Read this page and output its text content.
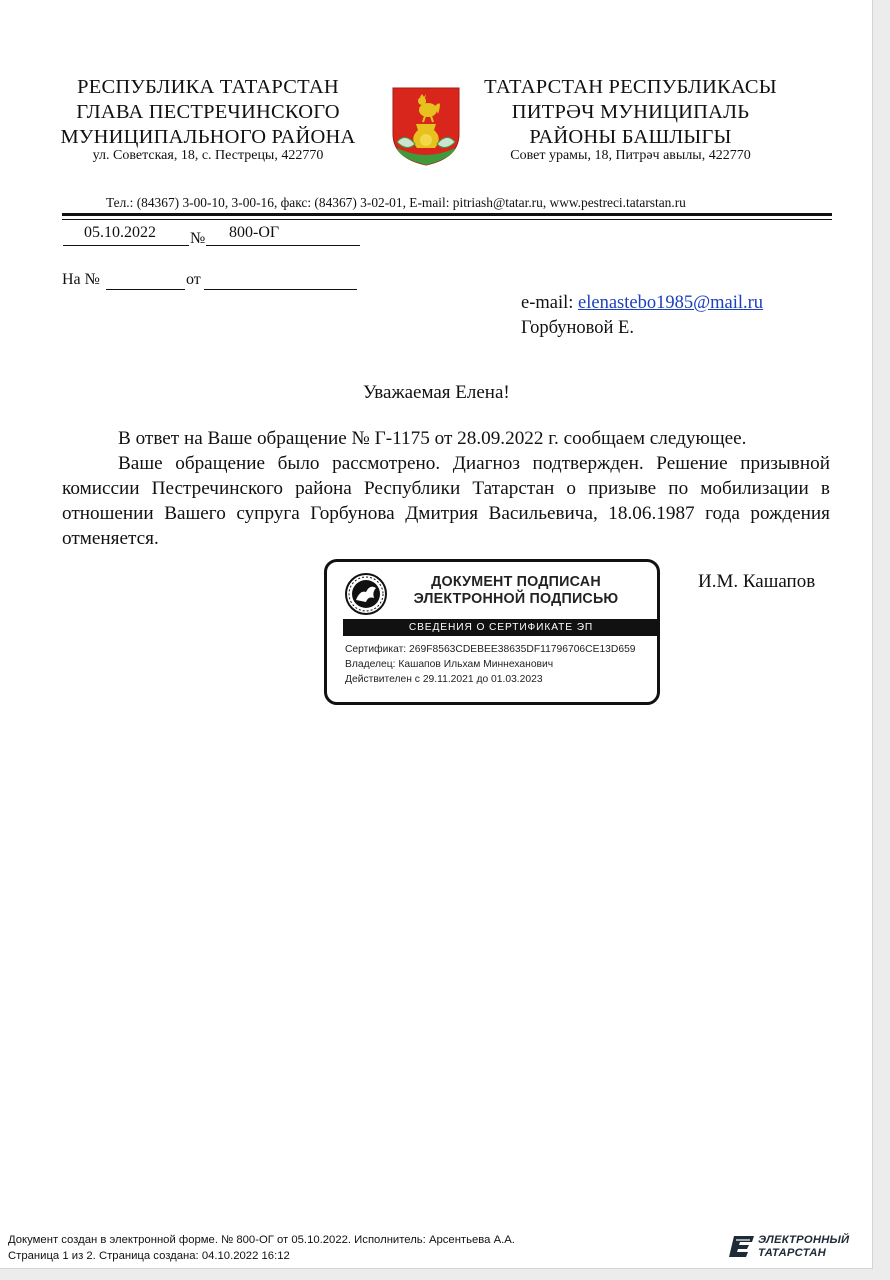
РЕСПУБЛИКА ТАТАРСТАН
ГЛАВА ПЕСТРЕЧИНСКОГО
МУНИЦИПАЛЬНОГО РАЙОНА
ул. Советская, 18, с. Пестрецы, 422770
ТАТАРСТАН РЕСПУБЛИКАСЫ
ПИТРӘЧ МУНИЦИПАЛЬ
РАЙОНЫ БАШЛЫГЫ
Совет урамы, 18, Питрәч авылы, 422770
Тел.: (84367) 3-00-10, 3-00-16, факс: (84367) 3-02-01, E-mail: pitriash@tatar.ru, www.pestreci.tatarstan.ru
05.10.2022 № 800-ОГ
На №	от
e-mail: elenastebo1985@mail.ru
Горбуновой Е.
Уважаемая Елена!
В ответ на Ваше обращение № Г-1175 от 28.09.2022 г. сообщаем следующее.
Ваше обращение было рассмотрено. Диагноз подтвержден. Решение призывной комиссии Пестречинского района Республики Татарстан о призыве по мобилизации в отношении Вашего супруга Горбунова Дмитрия Васильевича, 18.06.1987 года рождения отменяется.
ДОКУМЕНТ ПОДПИСАН ЭЛЕКТРОННОЙ ПОДПИСЬЮ
СВЕДЕНИЯ О СЕРТИФИКАТЕ ЭП
Сертификат: 269F8563CDEBEE38635DF11796706CE13D659
Владелец: Кашапов Ильхам Миннеханович
Действителен с 29.11.2021 до 01.03.2023
И.М. Кашапов
Документ создан в электронной форме. № 800-ОГ от 05.10.2022. Исполнитель: Арсентьева А.А.
Страница 1 из 2. Страница создана: 04.10.2022 16:12
ЭЛЕКТРОННЫЙ
ТАТАРСТАН
